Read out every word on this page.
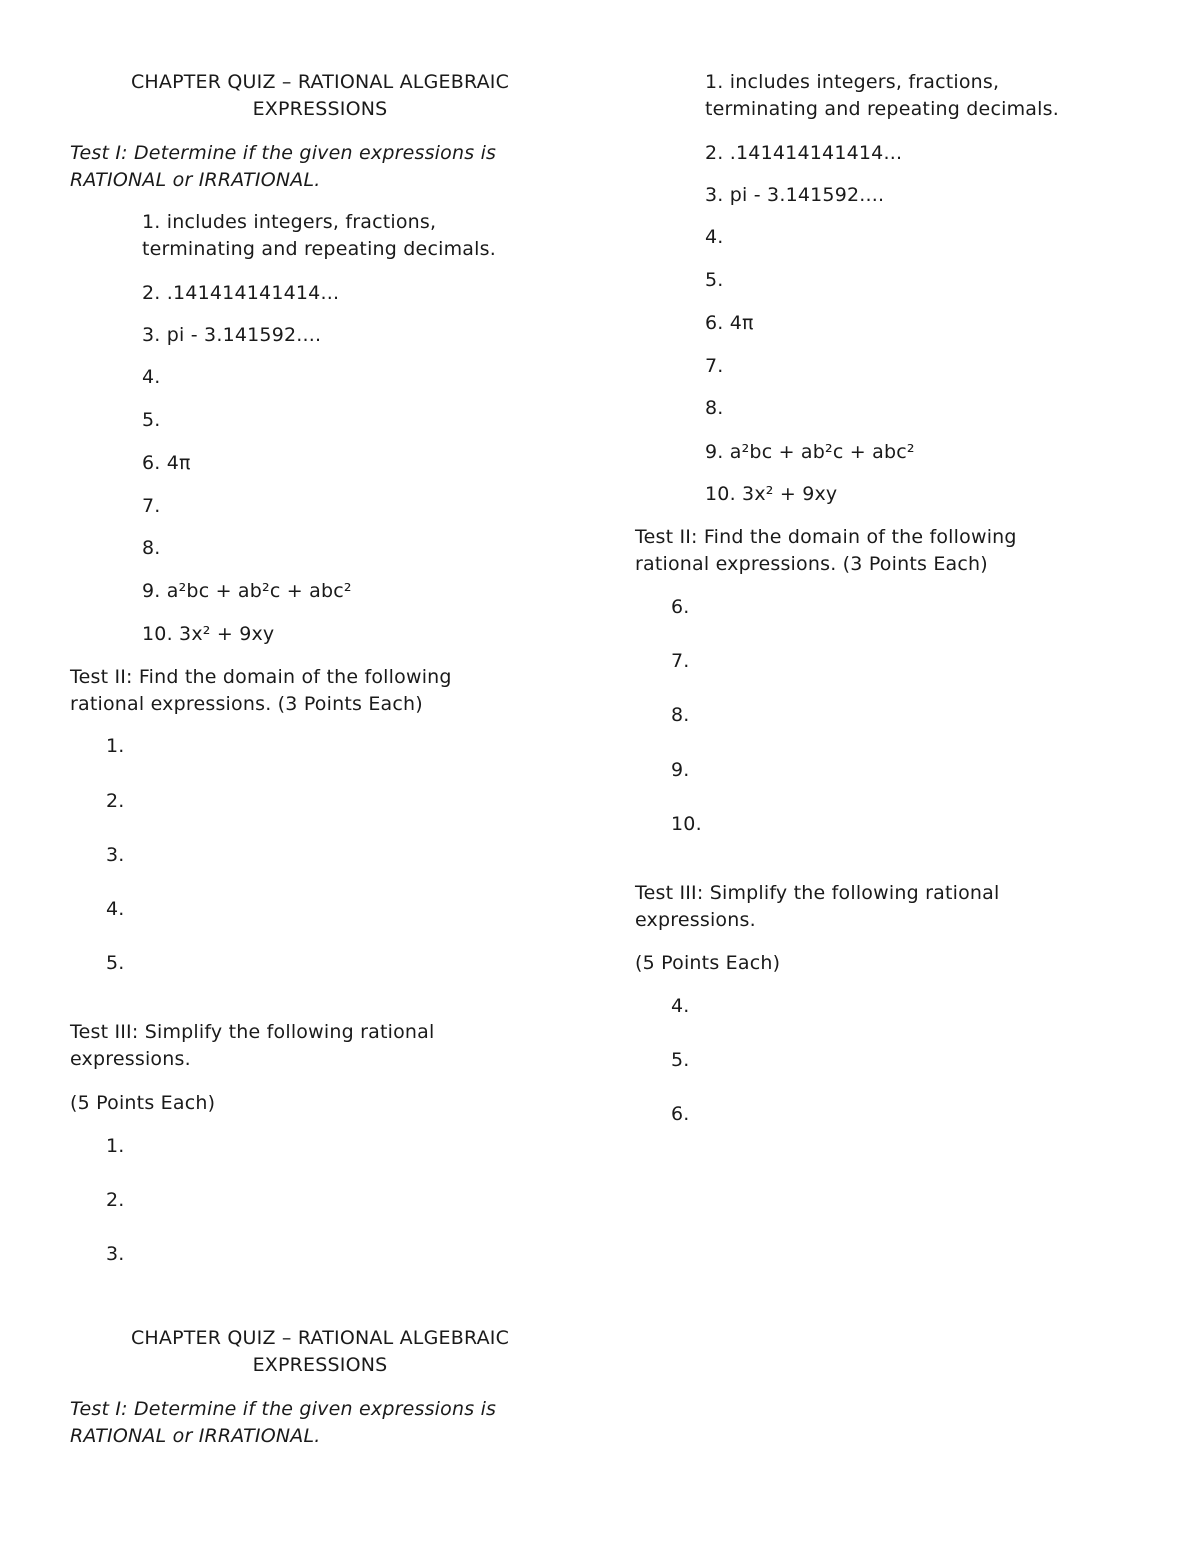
CHAPTER QUIZ – RATIONAL ALGEBRAIC
EXPRESSIONS

Test I: Determine if the given expressions is

RATIONAL or IRRATIONAL.

1. includes integers, fractions,

terminating and repeating decimals.

2. .141414141414...

3. pi - 3.141592....

4.

5.

6. 4π

7.

8.

9. a²bc + ab²c + abc²

10. 3x² + 9xy

Test II: Find the domain of the following

rational expressions. (3 Points Each)

1.

2.

3.

4.

5.

Test III: Simplify the following rational

expressions.

(5 Points Each)

1.

2.

3.

CHAPTER QUIZ – RATIONAL ALGEBRAIC
EXPRESSIONS

Test I: Determine if the given expressions is

RATIONAL or IRRATIONAL.

1. includes integers, fractions,

terminating and repeating decimals.

2. .141414141414...

3. pi - 3.141592....

4.

5.

6. 4π

7.

8.

9. a²bc + ab²c + abc²

10. 3x² + 9xy

Test II: Find the domain of the following

rational expressions. (3 Points Each)

6.

7.

8.

9.

10.

Test III: Simplify the following rational

expressions.

(5 Points Each)

4.

5.

6.
